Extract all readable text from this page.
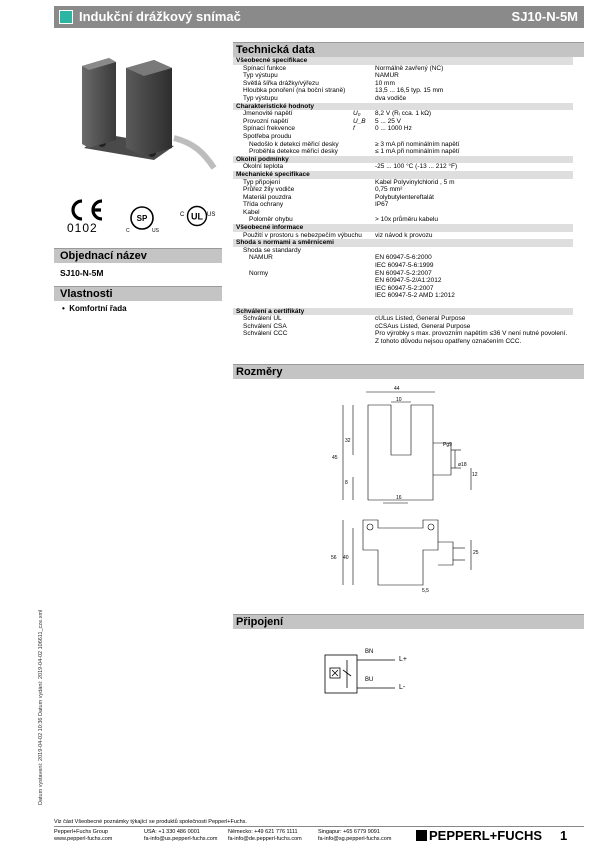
Indukční drážkový snímač	SJ10-N-5M
0102
SP
C	US
C UL US
Objednací název
SJ10-N-5M
Vlastnosti
•  Komfortní řada
Datum vystavení: 2019-04-02 10:36 Datum vydání: 2019-04-02 106611_cze.xml
Technická data
Všeobecné specifikace
Spínací funkce	Normálně zavřený (NC)
Typ výstupu	NAMUR
Světlá šířka drážky/výřezu	10 mm
Hloubka ponoření (na boční straně)	13,5 ... 16,5 typ. 15 mm
Typ výstupu	dva vodiče
Charakteristické hodnoty
Jmenovité napětí	U₀ 8,2 V (Rᵢ cca. 1 kΩ)
Provozní napětí	U_B 5 ... 25 V
Spínací frekvence	f	0 ... 1000 Hz
Spotřeba proudu
Nedošlo k detekci měřicí desky	≥ 3 mA při nominálním napětí
Proběhla detekce měřicí desky	≤ 1 mA při nominálním napětí
Okolní podmínky
Okolní teplota	-25 ... 100 °C (-13 ... 212 °F)
Mechanické specifikace
Typ připojení	Kabel Polyvinylchlorid , 5 m
Průřez žíly vodiče	0,75 mm²
Materiál pouzdra	Polybutylentereftalát
Třída ochrany	IP67
Kabel
Poloměr ohybu	> 10x průměru kabelu
Všeobecné informace
Použití v prostoru s nebezpečím výbuchu viz návod k provozu
Shoda s normami a směrnicemi
Shoda se standardy
NAMUR	EN 60947-5-6:2000
IEC 60947-5-6:1999
Normy	EN 60947-5-2:2007
EN 60947-5-2/A1:2012
IEC 60947-5-2:2007
IEC 60947-5-2 AMD 1:2012
Schválení a certifikáty
Schválení UL	cULus Listed, General Purpose
Schválení CSA	cCSAus Listed, General Purpose
Schválení CCC	Pro výrobky s max. provozním napětím ≤36 V není nutné povolení.
Z tohoto důvodu nejsou opatřeny označením CCC.
Rozměry
44
10
Pg9
32
45
ø18
12
8
16
56 40
25
5,5
Připojení
BN
BU
L+
L-
Viz část Všeobecné poznámky týkající se produktů společnosti Pepperl+Fuchs.
Pepperl+Fuchs Group
www.pepperl-fuchs.com
USA: +1 330 486 0001
fa-info@us.pepperl-fuchs.com
Německo: +49 621 776 1111
fa-info@de.pepperl-fuchs.com
Singapur: +65 6779 9091
fa-info@sg.pepperl-fuchs.com	PEPPERL+FUCHS 1
